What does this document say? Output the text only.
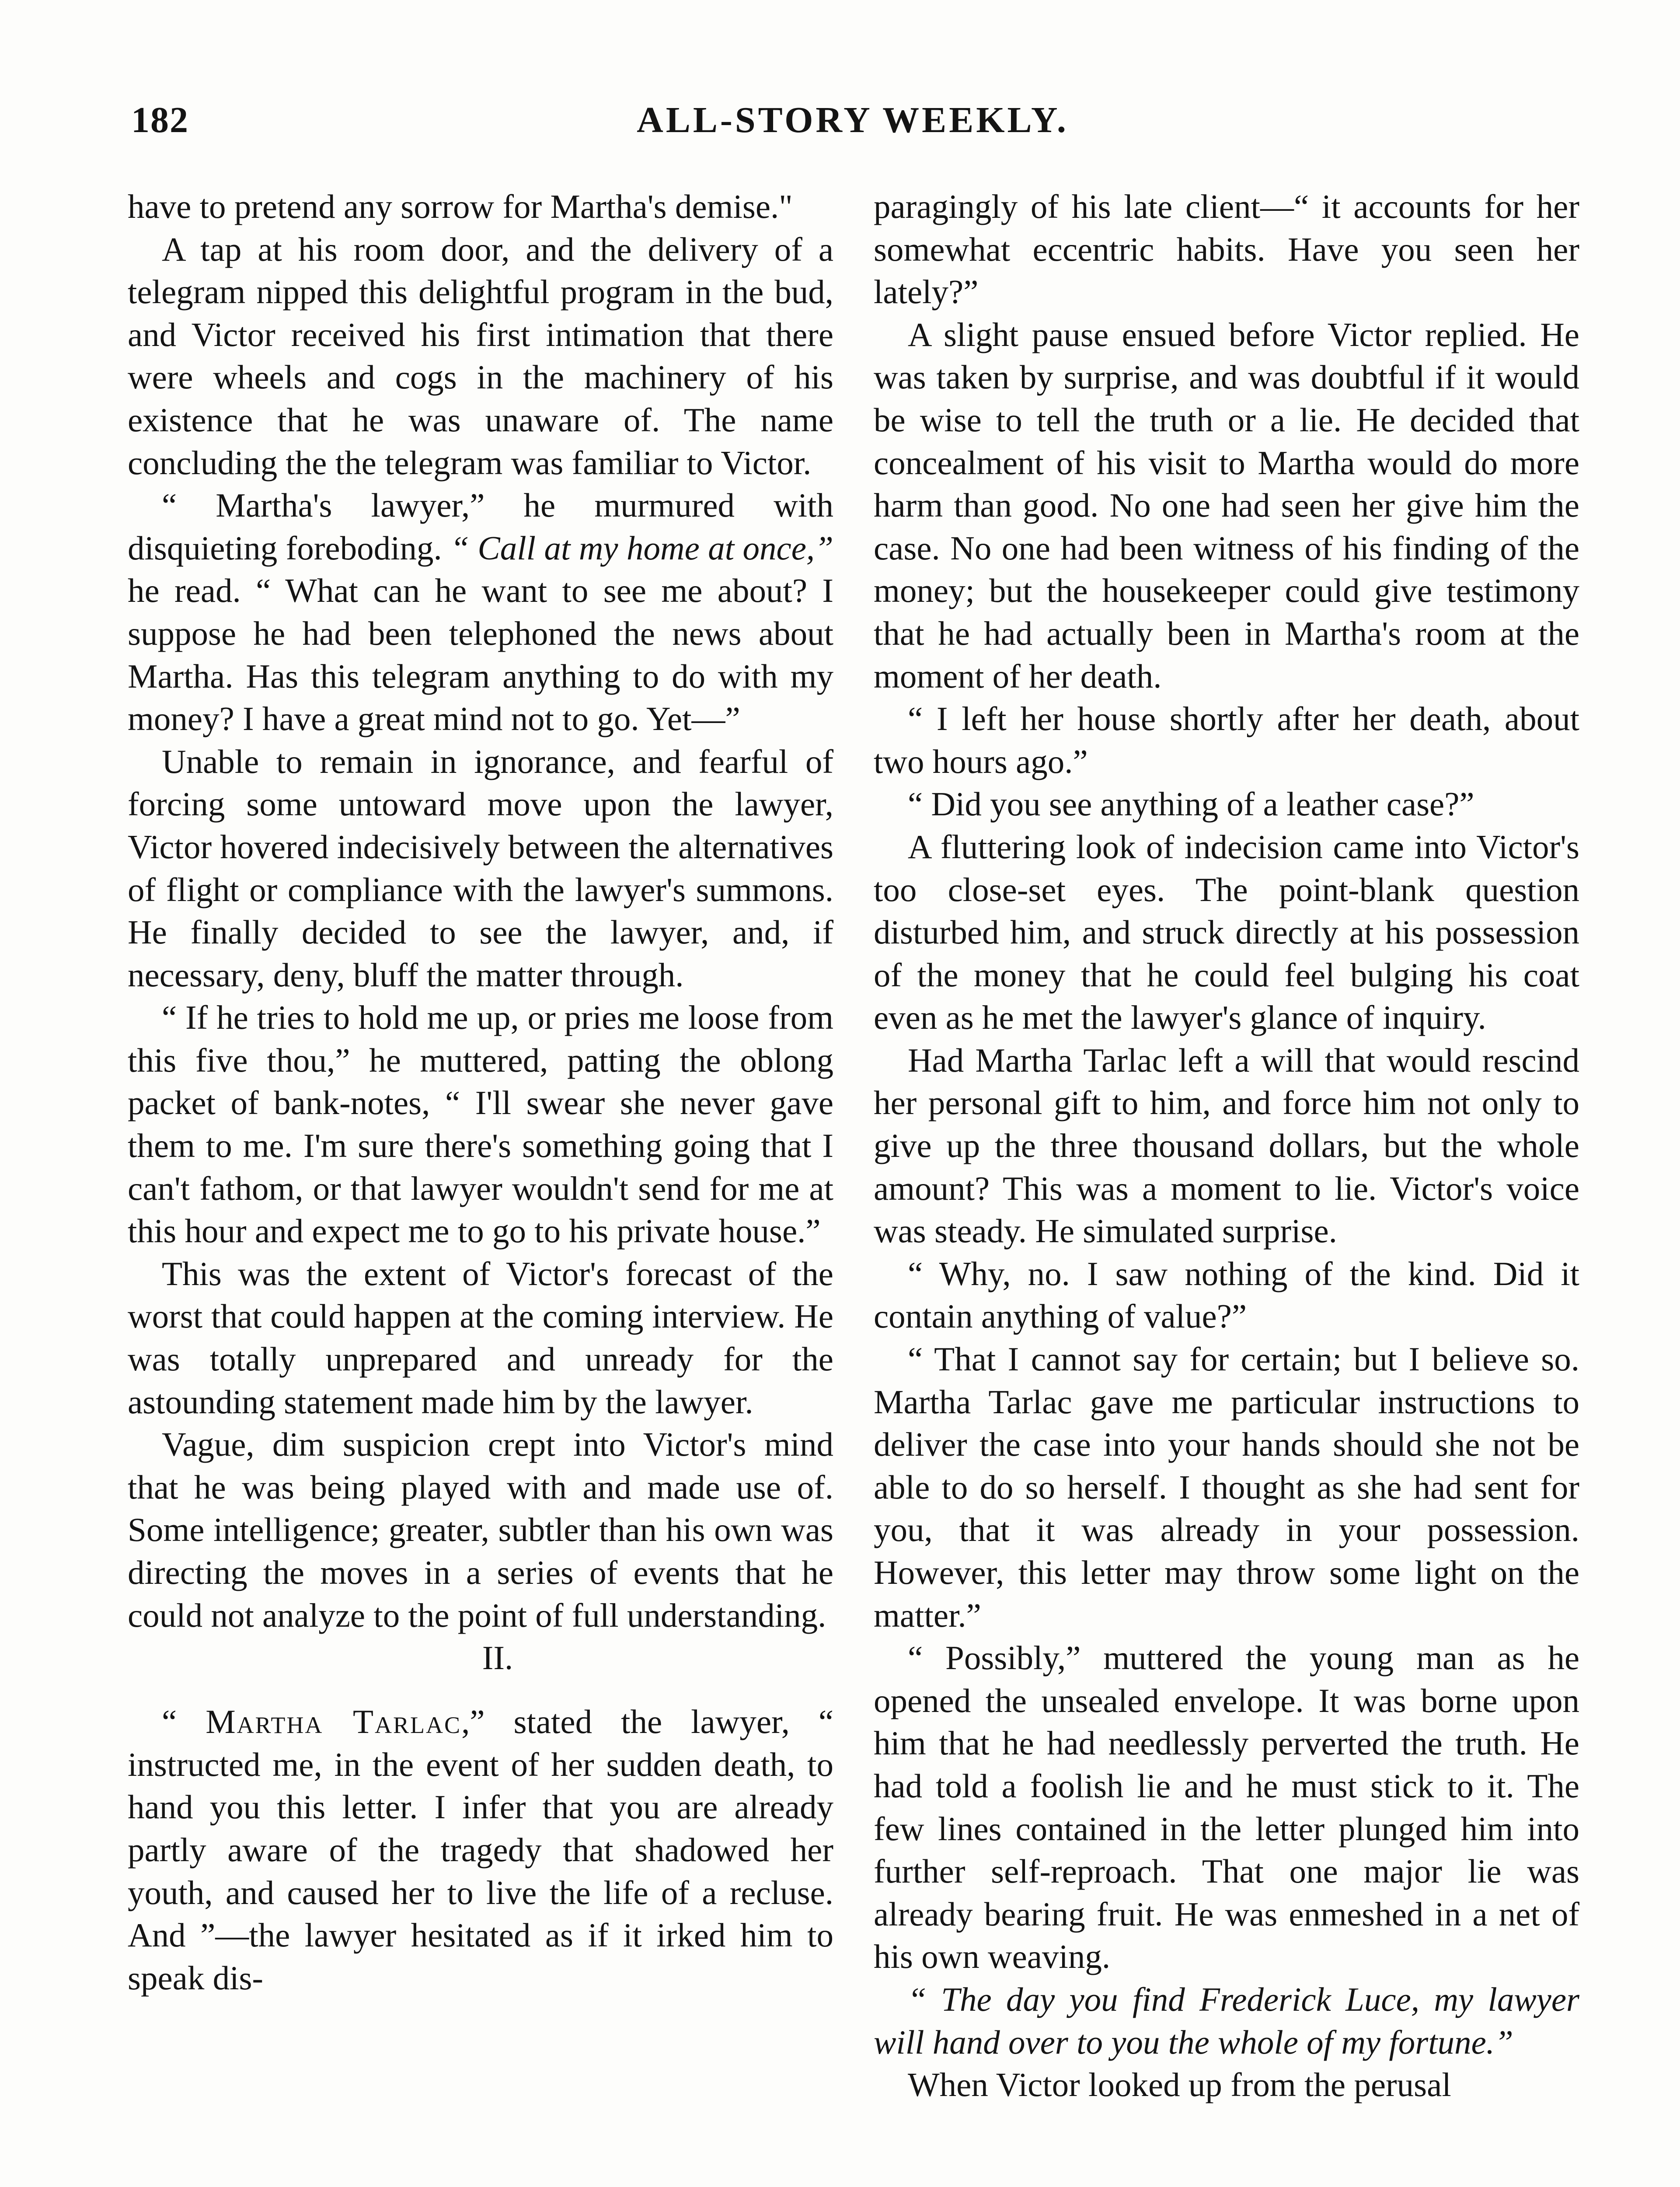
182	ALL-STORY WEEKLY.

have to pretend any sorrow for Martha's demise."

A tap at his room door, and the delivery of a telegram nipped this delightful program in the bud, and Victor received his first intimation that there were wheels and cogs in the machinery of his existence that he was unaware of. The name concluding the the telegram was familiar to Victor.

“ Martha's lawyer,” he murmured with disquieting foreboding. “ Call at my home at once,” he read. “ What can he want to see me about? I suppose he had been telephoned the news about Martha. Has this telegram anything to do with my money? I have a great mind not to go. Yet—”

Unable to remain in ignorance, and fearful of forcing some untoward move upon the lawyer, Victor hovered indecisively between the alternatives of flight or compliance with the lawyer's summons. He finally decided to see the lawyer, and, if necessary, deny, bluff the matter through.

“ If he tries to hold me up, or pries me loose from this five thou,” he muttered, patting the oblong packet of bank-notes, “ I'll swear she never gave them to me. I'm sure there's something going that I can't fathom, or that lawyer wouldn't send for me at this hour and expect me to go to his private house.”

This was the extent of Victor's forecast of the worst that could happen at the coming interview. He was totally unprepared and unready for the astounding statement made him by the lawyer.

Vague, dim suspicion crept into Victor's mind that he was being played with and made use of. Some intelligence; greater, subtler than his own was directing the moves in a series of events that he could not analyze to the point of full understanding.

II.

“ Martha Tarlac,” stated the lawyer, “ instructed me, in the event of her sudden death, to hand you this letter. I infer that you are already partly aware of the tragedy that shadowed her youth, and caused her to live the life of a recluse. And ”—the lawyer hesitated as if it irked him to speak dis-

paragingly of his late client—“ it accounts for her somewhat eccentric habits. Have you seen her lately?”

A slight pause ensued before Victor replied. He was taken by surprise, and was doubtful if it would be wise to tell the truth or a lie. He decided that concealment of his visit to Martha would do more harm than good. No one had seen her give him the case. No one had been witness of his finding of the money; but the housekeeper could give testimony that he had actually been in Martha's room at the moment of her death.

“ I left her house shortly after her death, about two hours ago.”

“ Did you see anything of a leather case?”

A fluttering look of indecision came into Victor's too close-set eyes. The point-blank question disturbed him, and struck directly at his possession of the money that he could feel bulging his coat even as he met the lawyer's glance of inquiry.

Had Martha Tarlac left a will that would rescind her personal gift to him, and force him not only to give up the three thousand dollars, but the whole amount? This was a moment to lie. Victor's voice was steady. He simulated surprise.

“ Why, no. I saw nothing of the kind. Did it contain anything of value?”

“ That I cannot say for certain; but I believe so. Martha Tarlac gave me particular instructions to deliver the case into your hands should she not be able to do so herself. I thought as she had sent for you, that it was already in your possession. However, this letter may throw some light on the matter.”

“ Possibly,” muttered the young man as he opened the unsealed envelope. It was borne upon him that he had needlessly perverted the truth. He had told a foolish lie and he must stick to it. The few lines contained in the letter plunged him into further self-reproach. That one major lie was already bearing fruit. He was enmeshed in a net of his own weaving.

“ The day you find Frederick Luce, my lawyer will hand over to you the whole of my fortune.”

When Victor looked up from the perusal
